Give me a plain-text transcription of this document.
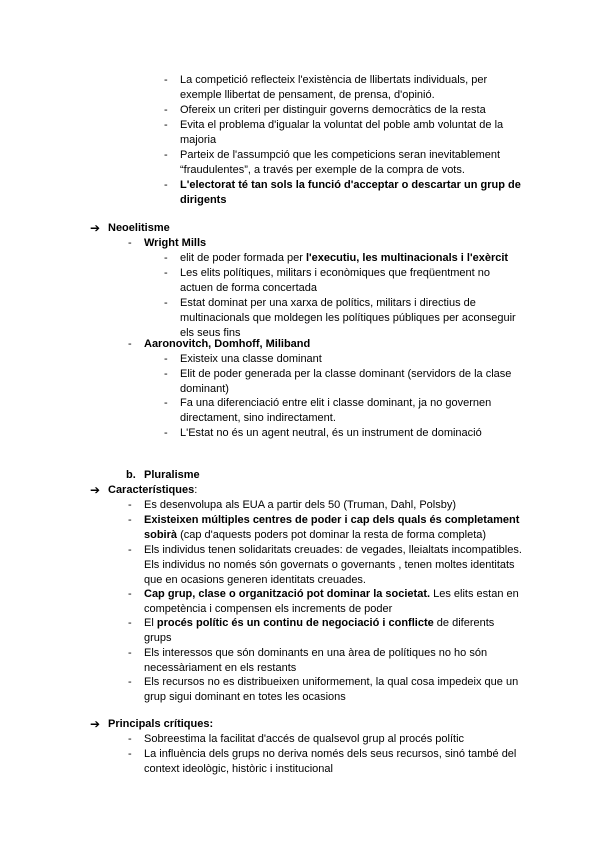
-	La competició reflecteix l'existència de llibertats individuals, per
exemple llibertat de pensament, de prensa, d'opinió.
-	Ofereix un criteri per distinguir governs democràtics de la resta
-	Evita el problema d'igualar la voluntat del poble amb voluntat de la
majoria
-	Parteix de l'assumpció que les competicions seran inevitablement
“fraudulentes”, a través per exemple de la compra de vots.
-	L'electorat té tan sols la funció d'acceptar o descartar un grup de
dirigents
➔ Neoelitisme
-	Wright Mills
-	elit de poder formada per l'executiu, les multinacionals i l'exèrcit
-	Les elits polítiques, militars i econòmiques que freqüentment no
actuen de forma concertada
-	Estat dominat per una xarxa de polítics, militars i directius de
multinacionals que moldegen les polítiques públiques per aconseguir
els seus fins
-	Aaronovitch, Domhoff, Miliband
-	Existeix una classe dominant
-	Elit de poder generada per la classe dominant (servidors de la clase
dominant)
-	Fa una diferenciació entre elit i classe dominant, ja no governen
directament, sino indirectament.
-	L'Estat no és un agent neutral, és un instrument de dominació
b. Pluralisme
➔ Característiques:
-	Es desenvolupa als EUA a partir dels 50 (Truman, Dahl, Polsby)
-	Existeixen múltiples centres de poder i cap dels quals és completament
sobirà (cap d'aquests poders pot dominar la resta de forma completa)
-	Els individus tenen solidaritats creuades: de vegades, lleialtats incompatibles.
Els individus no només són governats o governants , tenen moltes identitats
que en ocasions generen identitats creuades.
-	Cap grup, clase o organització pot dominar la societat. Les elits estan en
competència i compensen els increments de poder
-	El procés polític és un continu de negociació i conflicte de diferents
grups
-	Els interessos que són dominants en una àrea de polítiques no ho són
necessàriament en els restants
-	Els recursos no es distribueixen uniformement, la qual cosa impedeix que un
grup sigui dominant en totes les ocasions
➔ Principals crítiques:
-	Sobreestima la facilitat d'accés de qualsevol grup al procés polític
-	La influència dels grups no deriva només dels seus recursos, sinó també del
context ideològic, històric i institucional
